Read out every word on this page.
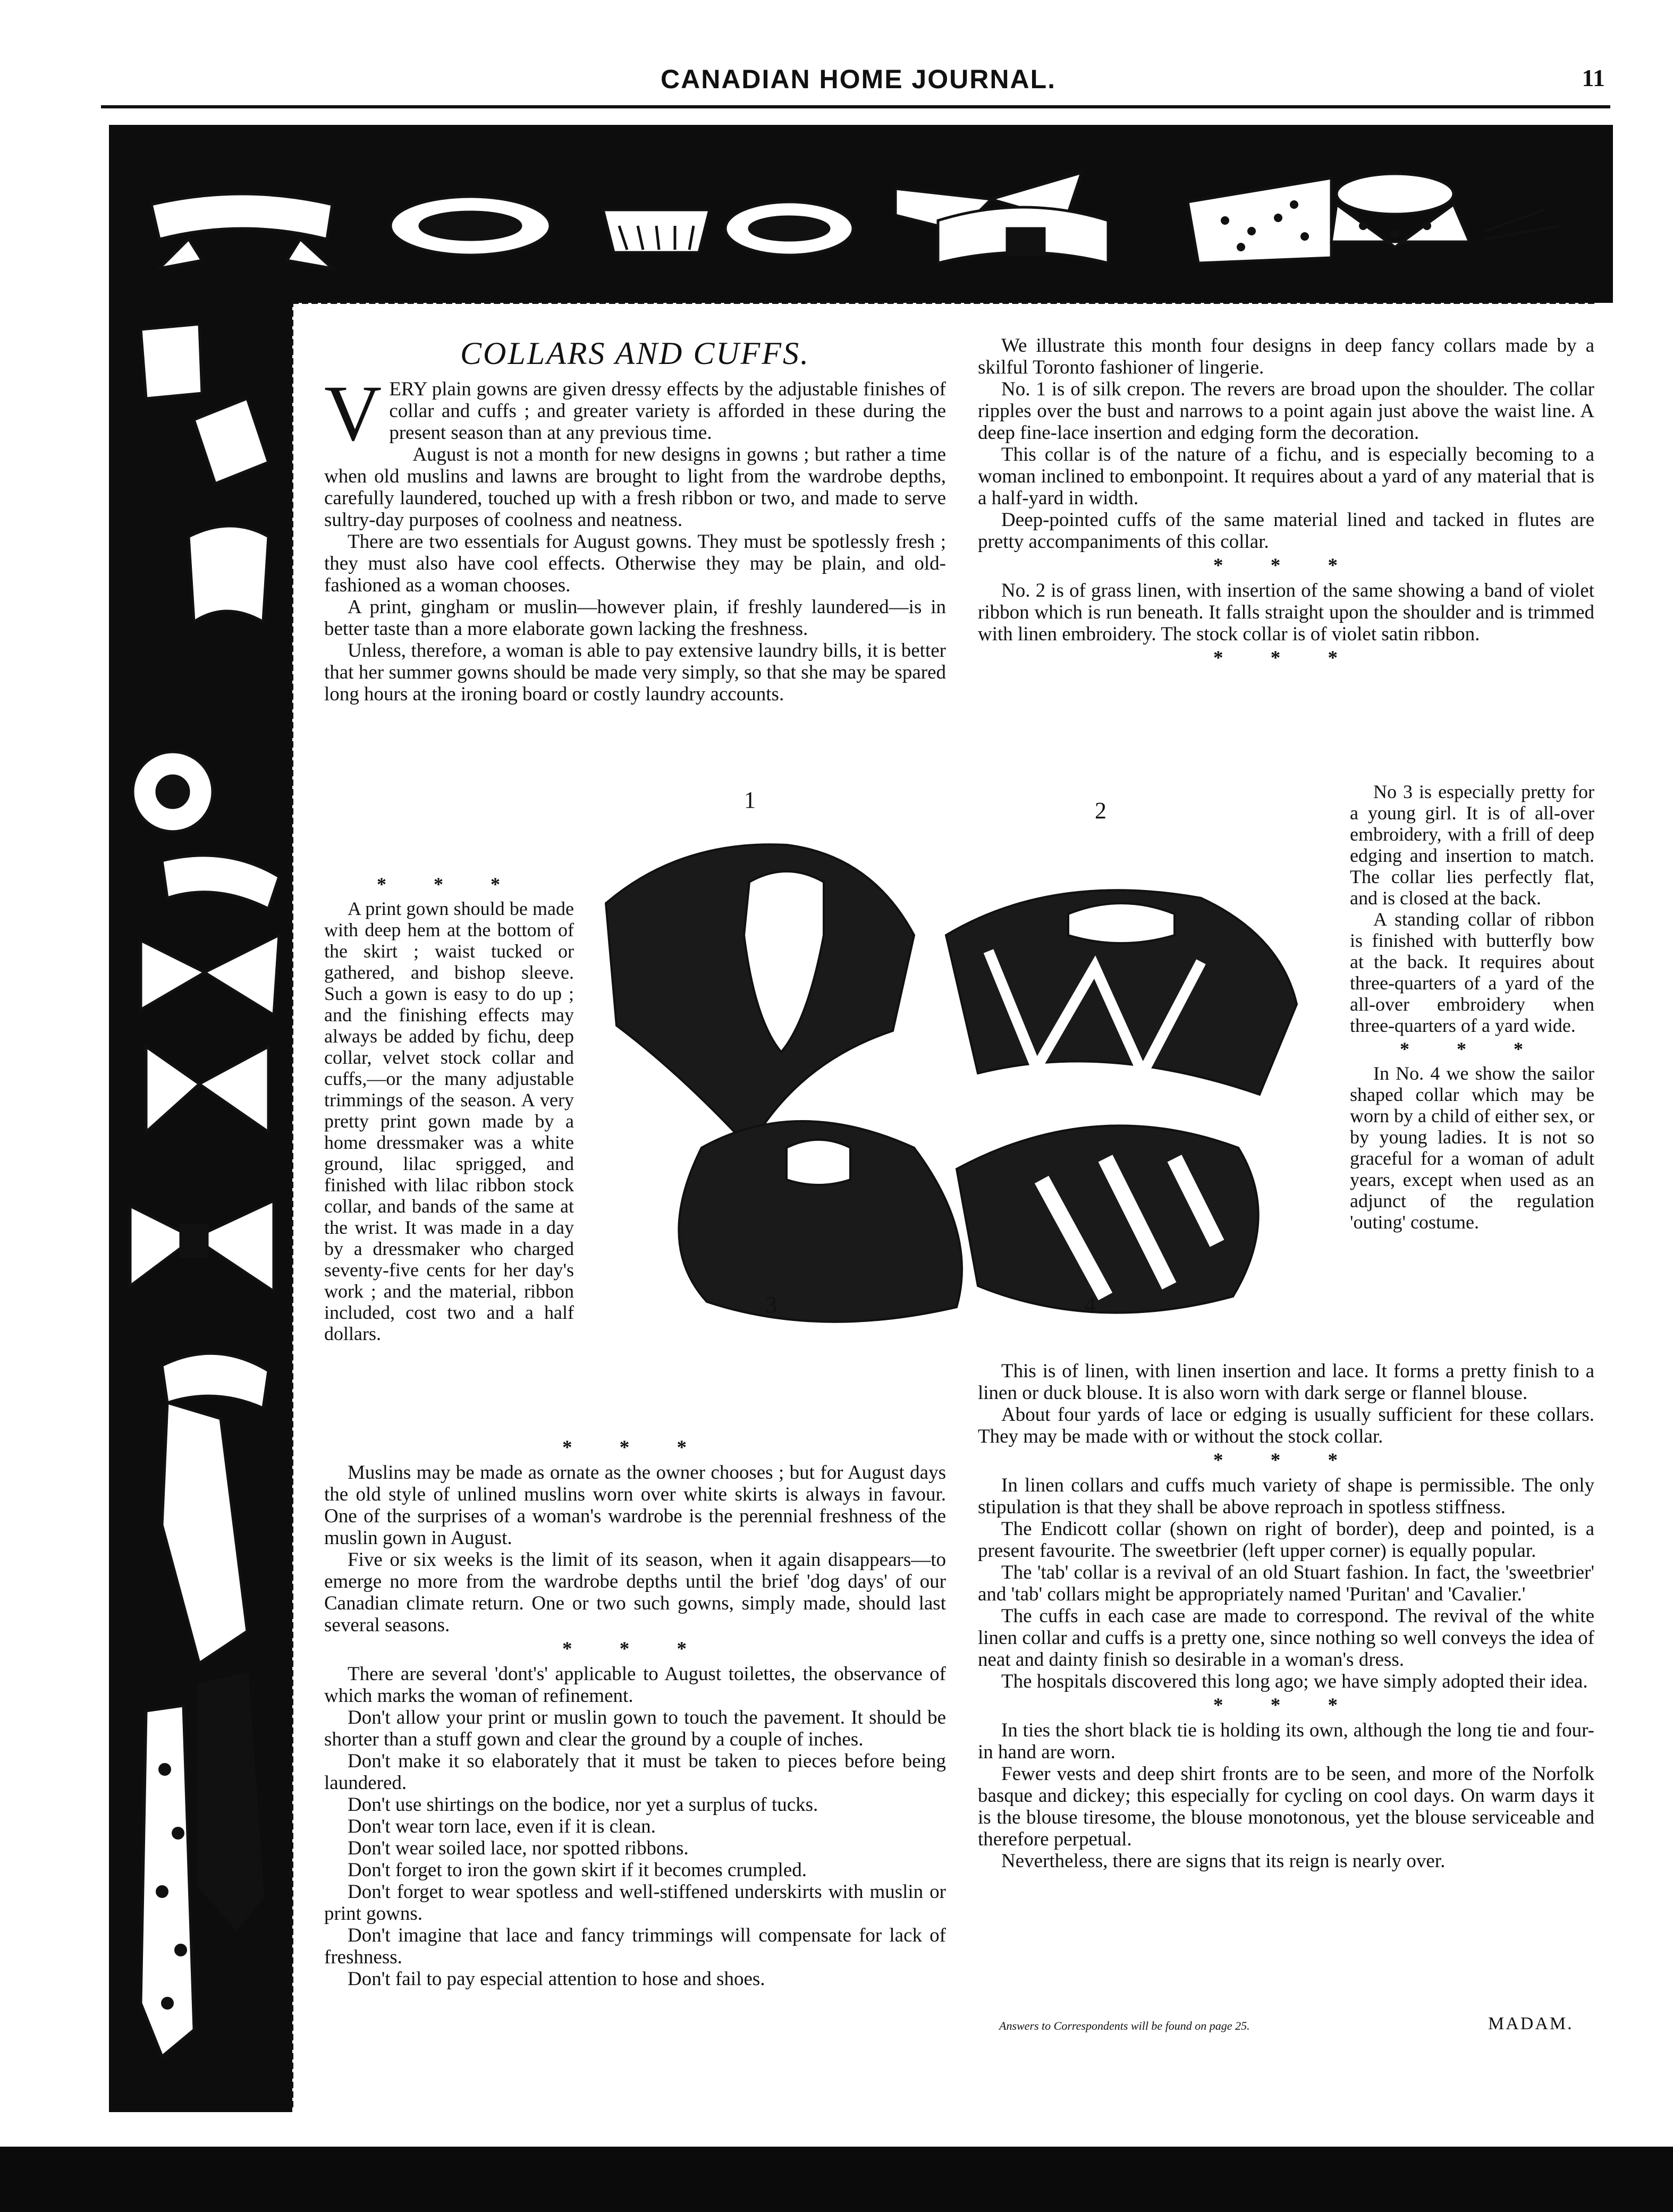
CANADIAN HOME JOURNAL.	11
1	2
3	4
COLLARS AND CUFFS.

VERY plain gowns are given dressy effects by the adjustable finishes of collar and cuffs ; and greater variety is afforded in these during the present season than at any previous time.

August is not a month for new designs in gowns ; but rather a time when old muslins and lawns are brought to light from the wardrobe depths, carefully laundered, touched up with a fresh ribbon or two, and made to serve sultry-day purposes of coolness and neatness.

There are two essentials for August gowns. They must be spotlessly fresh ; they must also have cool effects. Otherwise they may be plain, and old-fashioned as a woman chooses.

A print, gingham or muslin—however plain, if freshly laundered—is in better taste than a more elaborate gown lacking the freshness.

Unless, therefore, a woman is able to pay extensive laundry bills, it is better that her summer gowns should be made very simply, so that she may be spared long hours at the ironing board or costly laundry accounts.

* * *

A print gown should be made with deep hem at the bottom of the skirt ; waist tucked or gathered, and bishop sleeve. Such a gown is easy to do up ; and the finishing effects may always be added by fichu, deep collar, velvet stock collar and cuffs,—or the many adjustable trimmings of the season. A very pretty print gown made by a home dressmaker was a white ground, lilac sprigged, and finished with lilac ribbon stock collar, and bands of the same at the wrist. It was made in a day by a dressmaker who charged seventy-five cents for her day's work ; and the material, ribbon included, cost two and a half dollars.

* * *

Muslins may be made as ornate as the owner chooses ; but for August days the old style of unlined muslins worn over white skirts is always in favour. One of the surprises of a woman's wardrobe is the perennial freshness of the muslin gown in August.

Five or six weeks is the limit of its season, when it again disappears—to emerge no more from the wardrobe depths until the brief 'dog days' of our Canadian climate return. One or two such gowns, simply made, should last several seasons.

* * *

There are several 'dont's' applicable to August toilettes, the observance of which marks the woman of refinement.

Don't allow your print or muslin gown to touch the pavement. It should be shorter than a stuff gown and clear the ground by a couple of inches.

Don't make it so elaborately that it must be taken to pieces before being laundered.

Don't use shirtings on the bodice, nor yet a surplus of tucks.

Don't wear torn lace, even if it is clean.

Don't wear soiled lace, nor spotted ribbons.

Don't forget to iron the gown skirt if it becomes crumpled.

Don't forget to wear spotless and well-stiffened underskirts with muslin or print gowns.

Don't imagine that lace and fancy trimmings will compensate for lack of freshness.

Don't fail to pay especial attention to hose and shoes.

We illustrate this month four designs in deep fancy collars made by a skilful Toronto fashioner of lingerie.

No. 1 is of silk crepon. The revers are broad upon the shoulder. The collar ripples over the bust and narrows to a point again just above the waist line. A deep fine-lace insertion and edging form the decoration.

This collar is of the nature of a fichu, and is especially becoming to a woman inclined to embonpoint. It requires about a yard of any material that is a half-yard in width.

Deep-pointed cuffs of the same material lined and tacked in flutes are pretty accompaniments of this collar.

* * *

No. 2 is of grass linen, with insertion of the same showing a band of violet ribbon which is run beneath. It falls straight upon the shoulder and is trimmed with linen embroidery. The stock collar is of violet satin ribbon.

* * *

No 3 is especially pretty for a young girl. It is of all-over embroidery, with a frill of deep edging and insertion to match. The collar lies perfectly flat, and is closed at the back.

A standing collar of ribbon is finished with butterfly bow at the back. It requires about three-quarters of a yard of the all-over embroidery when three-quarters of a yard wide.

* * *

In No. 4 we show the sailor shaped collar which may be worn by a child of either sex, or by young ladies. It is not so graceful for a woman of adult years, except when used as an adjunct of the regulation 'outing' costume.

This is of linen, with linen insertion and lace. It forms a pretty finish to a linen or duck blouse. It is also worn with dark serge or flannel blouse.

About four yards of lace or edging is usually sufficient for these collars. They may be made with or without the stock collar.

* * *

In linen collars and cuffs much variety of shape is permissible. The only stipulation is that they shall be above reproach in spotless stiffness.

The Endicott collar (shown on right of border), deep and pointed, is a present favourite. The sweetbrier (left upper corner) is equally popular.

The 'tab' collar is a revival of an old Stuart fashion. In fact, the 'sweetbrier' and 'tab' collars might be appropriately named 'Puritan' and 'Cavalier.'

The cuffs in each case are made to correspond. The revival of the white linen collar and cuffs is a pretty one, since nothing so well conveys the idea of neat and dainty finish so desirable in a woman's dress.

The hospitals discovered this long ago; we have simply adopted their idea.

* * *

In ties the short black tie is holding its own, although the long tie and four-in hand are worn.

Fewer vests and deep shirt fronts are to be seen, and more of the Norfolk basque and dickey; this especially for cycling on cool days. On warm days it is the blouse tiresome, the blouse monotonous, yet the blouse serviceable and therefore perpetual.

Nevertheless, there are signs that its reign is nearly over.

Answers to Correspondents will be found on page 25.	MADAM.
